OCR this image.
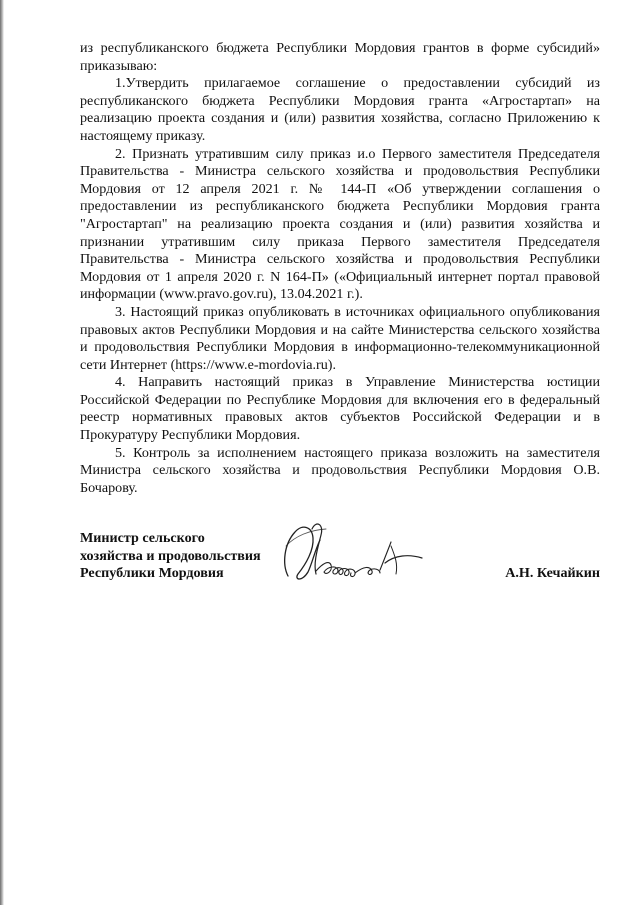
из республиканского бюджета Республики Мордовия грантов в форме субсидий» приказываю:

1.Утвердить прилагаемое соглашение о предоставлении субсидий из республиканского бюджета Республики Мордовия гранта «Агростартап» на реализацию проекта создания и (или) развития хозяйства, согласно Приложению к настоящему приказу.

2. Признать утратившим силу приказ и.о Первого заместителя Председателя Правительства - Министра сельского хозяйства и продовольствия Республики Мордовия от 12 апреля 2021 г. № 144-П «Об утверждении соглашения о предоставлении из республиканского бюджета Республики Мордовия гранта "Агростартап" на реализацию проекта создания и (или) развития хозяйства и признании утратившим силу приказа Первого заместителя Председателя Правительства - Министра сельского хозяйства и продовольствия Республики Мордовия от 1 апреля 2020 г. N 164-П» («Официальный интернет портал правовой информации (www.pravo.gov.ru), 13.04.2021 г.).

3. Настоящий приказ опубликовать в источниках официального опубликования правовых актов Республики Мордовия и на сайте Министерства сельского хозяйства и продовольствия Республики Мордовия в информационно-телекоммуникационной сети Интернет (https://www.e-mordovia.ru).

4. Направить настоящий приказ в Управление Министерства юстиции Российской Федерации по Республике Мордовия для включения его в федеральный реестр нормативных правовых актов субъектов Российской Федерации и в Прокуратуру Республики Мордовия.

5. Контроль за исполнением настоящего приказа возложить на заместителя Министра сельского хозяйства и продовольствия Республики Мордовия О.В. Бочарову.

Министр сельского
хозяйства и продовольствия
Республики Мордовия	А.Н. Кечайкин
